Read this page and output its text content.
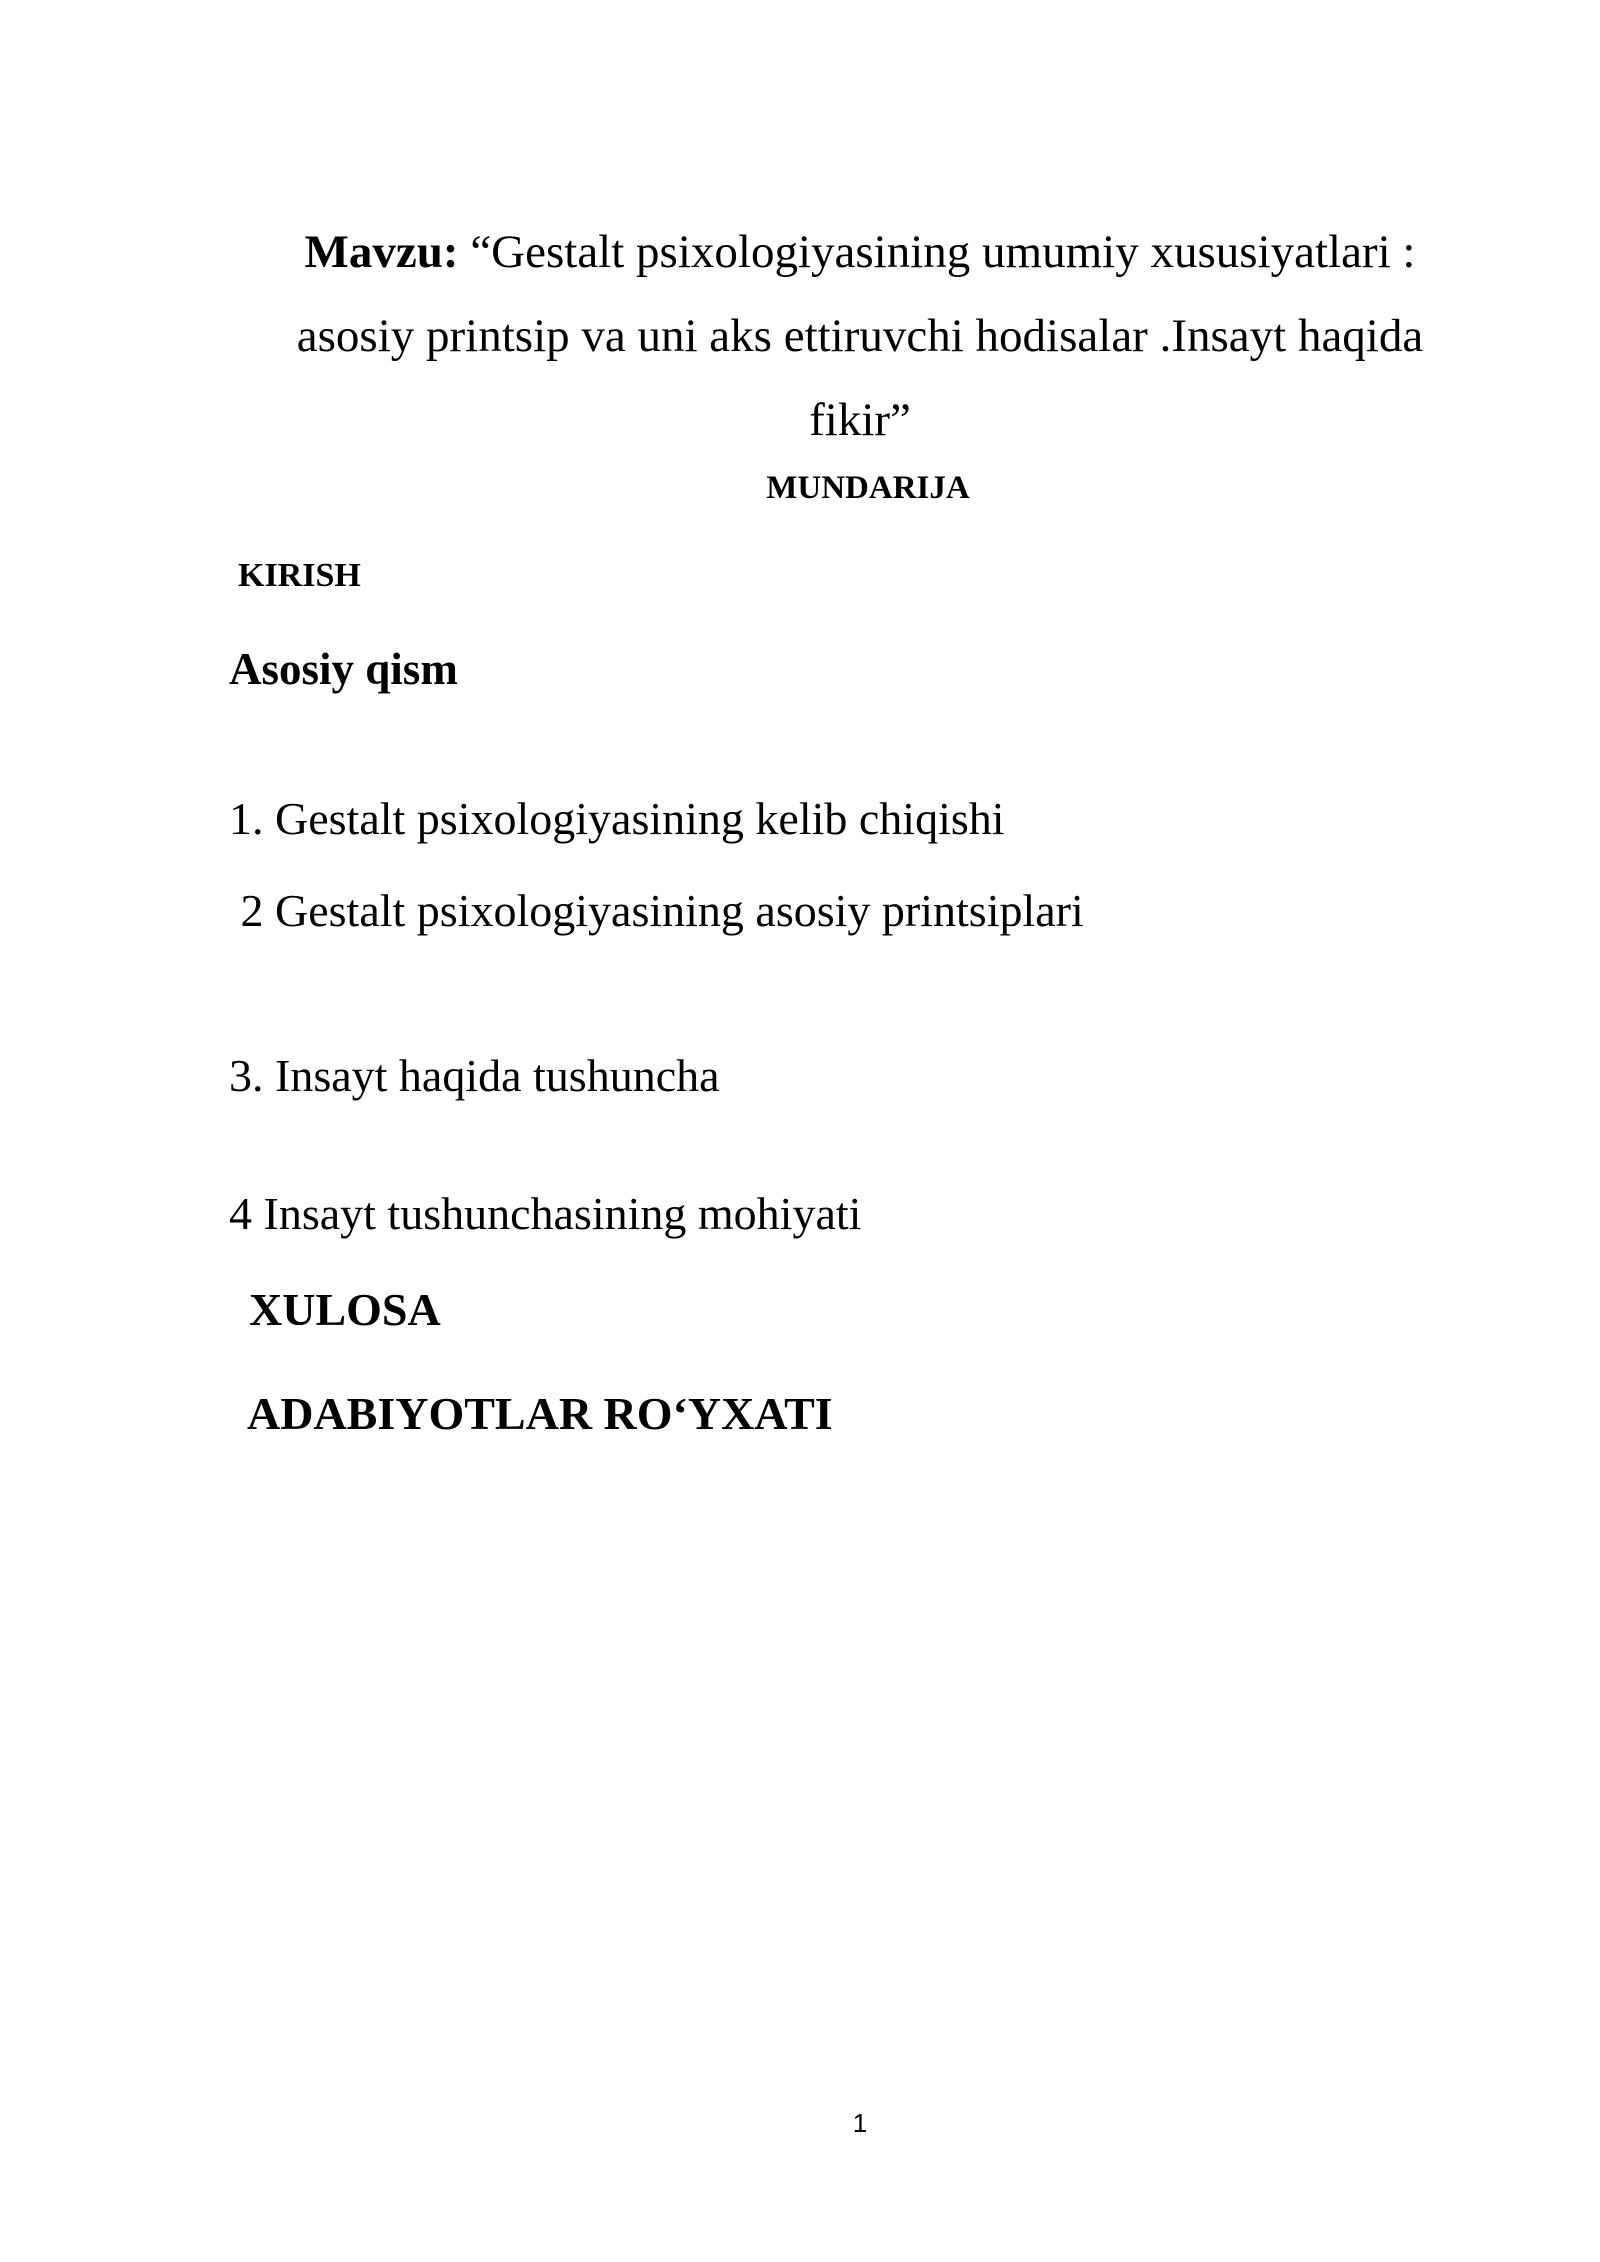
Mavzu: “Gestalt psixologiyasining umumiy xususiyatlari :
asosiy printsip va uni aks ettiruvchi hodisalar .Insayt haqida
fikir”
MUNDARIJA
KIRISH
Asosiy qism
1. Gestalt psixologiyasining kelib chiqishi
2 Gestalt psixologiyasining asosiy printsiplari
3. Insayt haqida tushuncha
4 Insayt tushunchasining mohiyati
XULOSA
ADABIYOTLAR RO‘YXATI
1
